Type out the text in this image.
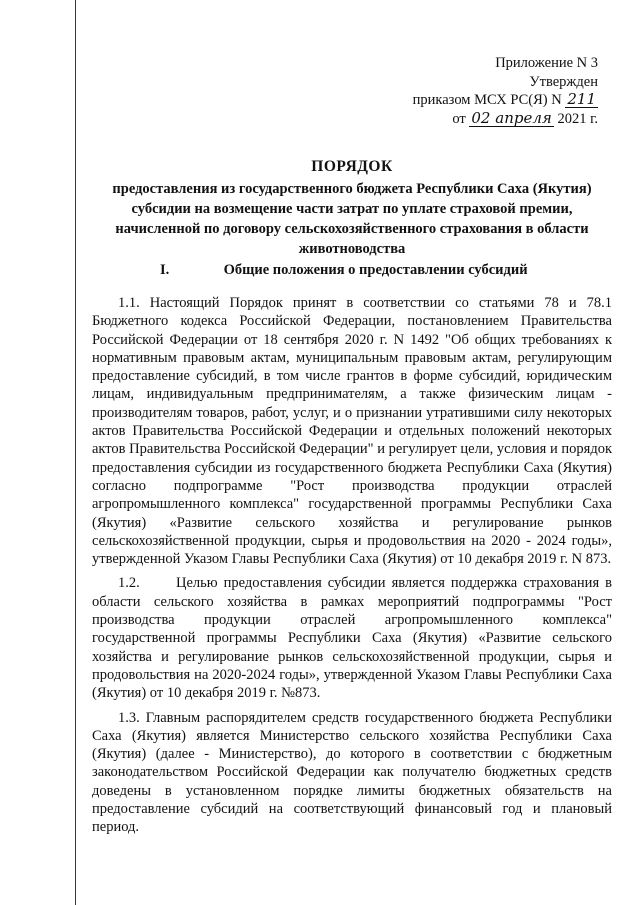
Приложение N 3
Утвержден
приказом МСХ РС(Я) N 211
от 02 апреля 2021 г.
ПОРЯДОК
предоставления из государственного бюджета Республики Саха (Якутия) субсидии на возмещение части затрат по уплате страховой премии, начисленной по договору сельскохозяйственного страхования в области животноводства
I.	Общие положения о предоставлении субсидий

1.1. Настоящий Порядок принят в соответствии со статьями 78 и 78.1 Бюджетного кодекса Российской Федерации, постановлением Правительства Российской Федерации от 18 сентября 2020 г. N 1492 "Об общих требованиях к нормативным правовым актам, муниципальным правовым актам, регулирующим предоставление субсидий, в том числе грантов в форме субсидий, юридическим лицам, индивидуальным предпринимателям, а также физическим лицам - производителям товаров, работ, услуг, и о признании утратившими силу некоторых актов Правительства Российской Федерации и отдельных положений некоторых актов Правительства Российской Федерации" и регулирует цели, условия и порядок предоставления субсидии из государственного бюджета Республики Саха (Якутия) согласно подпрограмме "Рост производства продукции отраслей агропромышленного комплекса" государственной программы Республики Саха (Якутия) «Развитие сельского хозяйства и регулирование рынков сельскохозяйственной продукции, сырья и продовольствия на 2020 - 2024 годы», утвержденной Указом Главы Республики Саха (Якутия) от 10 декабря 2019 г. N 873.

1.2.      Целью предоставления субсидии является поддержка страхования в области сельского хозяйства в рамках мероприятий подпрограммы "Рост производства продукции отраслей агропромышленного комплекса" государственной программы Республики Саха (Якутия) «Развитие сельского хозяйства и регулирование рынков сельскохозяйственной продукции, сырья и продовольствия на 2020-2024 годы», утвержденной Указом Главы Республики Саха (Якутия) от 10 декабря 2019 г. №873.

1.3. Главным распорядителем средств государственного бюджета Республики Саха (Якутия) является Министерство сельского хозяйства Республики Саха (Якутия) (далее - Министерство), до которого в соответствии с бюджетным законодательством Российской Федерации как получателю бюджетных средств доведены в установленном порядке лимиты бюджетных обязательств на предоставление субсидий на соответствующий финансовый год и плановый период.
